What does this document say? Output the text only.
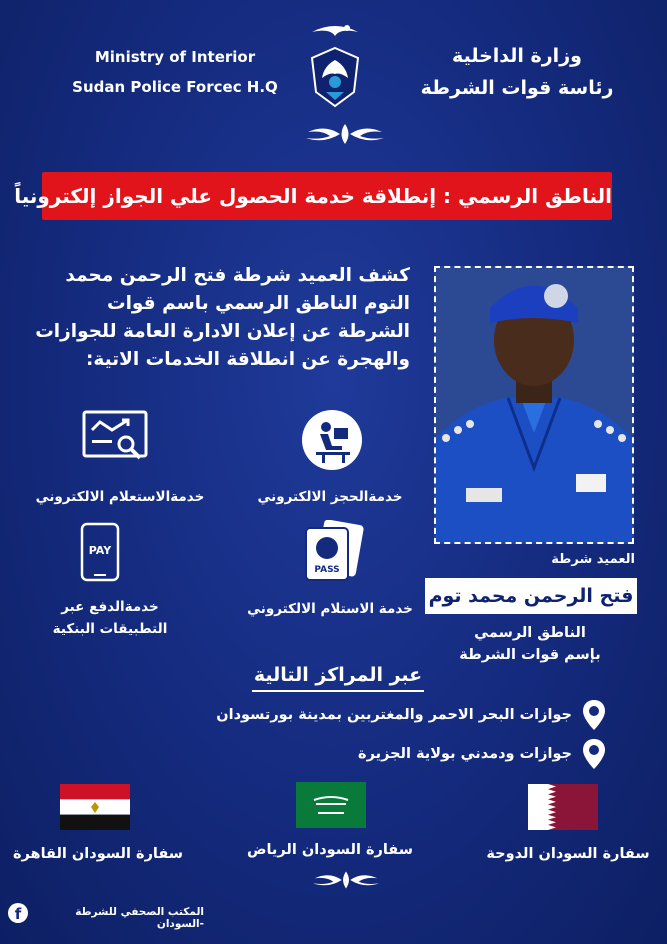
Ministry of Interior
Sudan Police Forcec H.Q
وزارة الداخلية
رئاسة قوات الشرطة
الناطق الرسمي : إنطلاقة خدمة الحصول علي الجواز إلكترونياً
كشف العميد شرطة فتح الرحمن محمد التوم الناطق الرسمي باسم قوات الشرطة عن إعلان الادارة العامة للجوازات والهجرة عن انطلاقة الخدمات الاتية:
خدمةالحجز الالكتروني
خدمةالاستعلام الالكتروني
PASS
خدمة الاستلام الالكتروني
PAY
خدمةالدفع عبر
التطبيقات البنكية
العميد شرطة
فتح الرحمن محمد توم
الناطق الرسمي
بإسم قوات الشرطة
عبر المراكز التالية
جوازات البحر الاحمر والمغتربين بمدينة بورتسودان
جوازات ودمدني بولاية الجزيرة
سفارة السودان القاهرة	سفارة السودان الرياض	سفارة السودان الدوحة
f	المكتب الصحفي للشرطة -السودان
